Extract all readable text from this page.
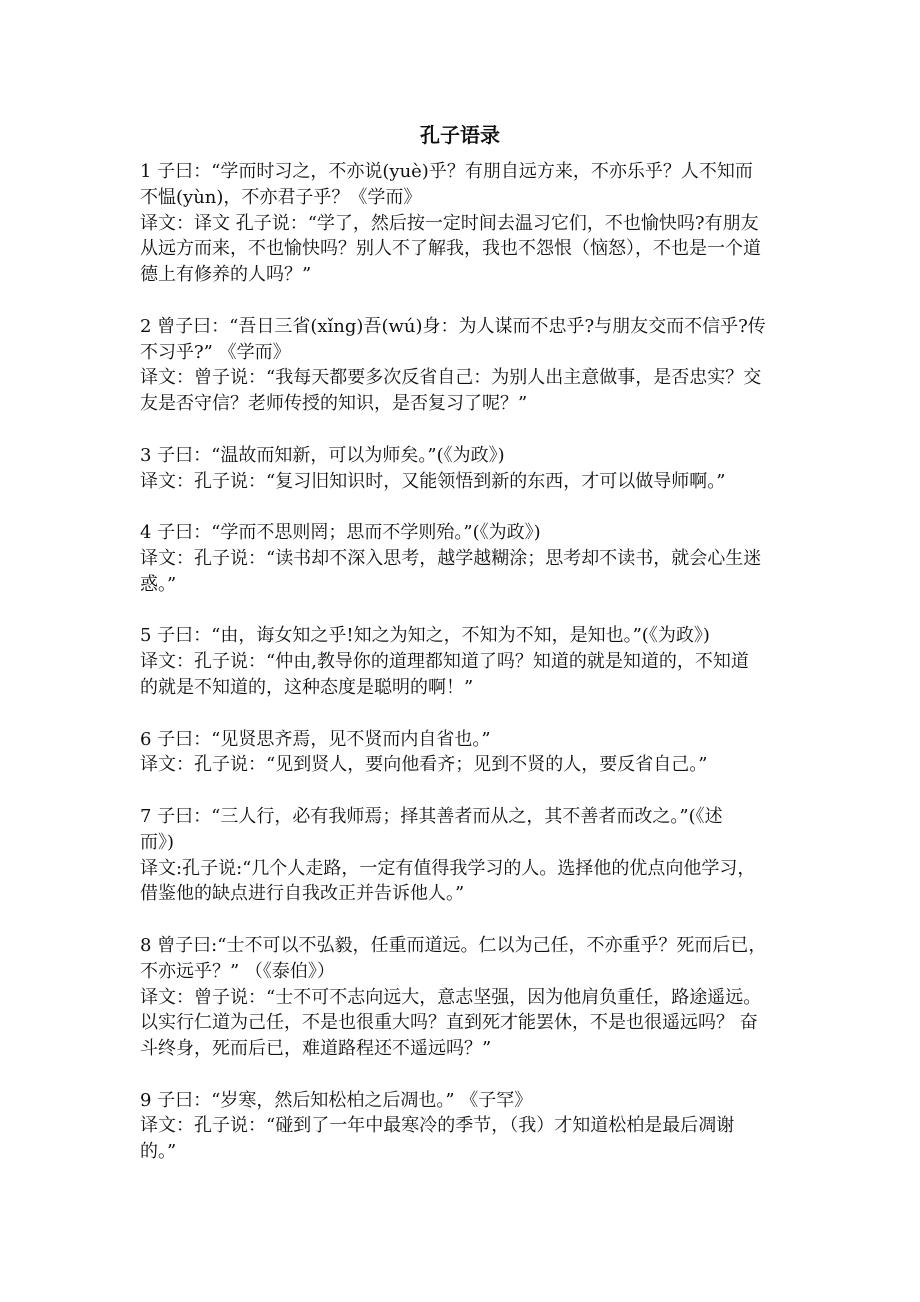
孔子语录
1 子曰：“学而时习之，不亦说(yuè)乎？有朋自远方来，不亦乐乎？人不知而
不愠(yùn)，不亦君子乎？《学而》
译文：译文 孔子说：“学了，然后按一定时间去温习它们，不也愉快吗?有朋友
从远方而来，不也愉快吗？别人不了解我，我也不怨恨（恼怒），不也是一个道
德上有修养的人吗？”
2 曾子曰：“吾日三省(xǐng)吾(wú)身：为人谋而不忠乎?与朋友交而不信乎?传
不习乎?” 《学而》
译文：曾子说：“我每天都要多次反省自己：为别人出主意做事，是否忠实？交
友是否守信？老师传授的知识，是否复习了呢？”
3 子曰：“温故而知新，可以为师矣。”(《为政》)
译文：孔子说：“复习旧知识时，又能领悟到新的东西，才可以做导师啊。”
4 子曰：“学而不思则罔；思而不学则殆。”(《为政》)
译文：孔子说：“读书却不深入思考，越学越糊涂；思考却不读书，就会心生迷
惑。”
5 子曰：“由，诲女知之乎!知之为知之，不知为不知，是知也。”(《为政》)
译文：孔子说：“仲由,教导你的道理都知道了吗？知道的就是知道的，不知道
的就是不知道的，这种态度是聪明的啊！”
6 子曰：“见贤思齐焉，见不贤而内自省也。”
译文：孔子说：“见到贤人，要向他看齐；见到不贤的人，要反省自己。”
7 子曰：“三人行，必有我师焉；择其善者而从之，其不善者而改之。”(《述
而》)
译文:孔子说:“几个人走路，一定有值得我学习的人。选择他的优点向他学习，
借鉴他的缺点进行自我改正并告诉他人。”
8 曾子曰:“士不可以不弘毅，任重而道远。仁以为己任，不亦重乎？死而后已，
不亦远乎？” （《泰伯》）
译文：曾子说：“士不可不志向远大，意志坚强，因为他肩负重任，路途遥远。
以实行仁道为己任，不是也很重大吗？直到死才能罢休，不是也很遥远吗？ 奋
斗终身，死而后已，难道路程还不遥远吗？”
9 子曰：“岁寒，然后知松柏之后凋也。” 《子罕》
译文：孔子说：“碰到了一年中最寒冷的季节，（我）才知道松柏是最后凋谢
的。”
